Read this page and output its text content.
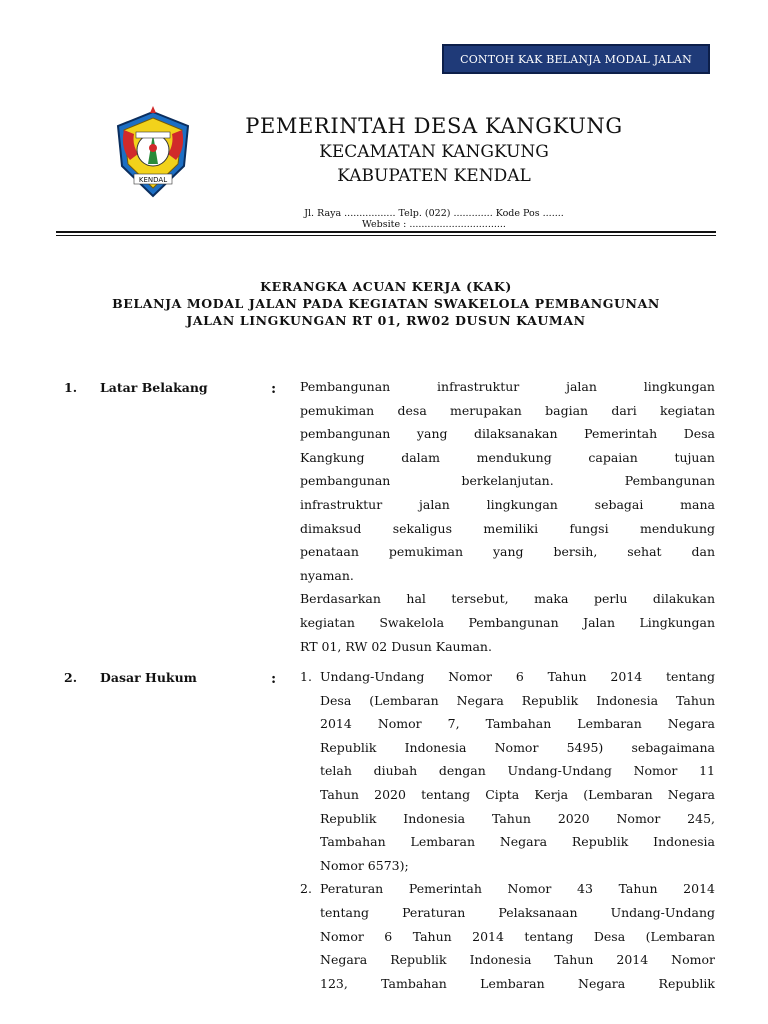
CONTOH KAK BELANJA MODAL JALAN
KENDAL
PEMERINTAH DESA KANGKUNG
KECAMATAN KANGKUNG
KABUPATEN KENDAL
Jl. Raya ................. Telp. (022) ............. Kode Pos .......
Website : ................................
KERANGKA ACUAN KERJA (KAK)
BELANJA MODAL JALAN PADA KEGIATAN SWAKELOLA PEMBANGUNAN
JALAN LINGKUNGAN RT 01, RW02 DUSUN KAUMAN
1. Latar Belakang	: Pembangunan infrastruktur jalan lingkungan
pemukiman desa merupakan bagian dari kegiatan
pembangunan yang dilaksanakan Pemerintah Desa
Kangkung dalam mendukung capaian tujuan
pembangunan berkelanjutan. Pembangunan
infrastruktur jalan lingkungan sebagai mana
dimaksud sekaligus memiliki fungsi mendukung
penataan pemukiman yang bersih, sehat dan
nyaman.
Berdasarkan hal tersebut, maka perlu dilakukan
kegiatan Swakelola Pembangunan Jalan Lingkungan
RT 01, RW 02 Dusun Kauman.
2. Dasar Hukum	: 1. Undang-Undang Nomor 6 Tahun 2014 tentang
Desa (Lembaran Negara Republik Indonesia Tahun
2014 Nomor 7, Tambahan Lembaran Negara
Republik Indonesia Nomor 5495) sebagaimana
telah diubah dengan Undang-Undang Nomor 11
Tahun 2020 tentang Cipta Kerja (Lembaran Negara
Republik Indonesia Tahun 2020 Nomor 245,
Tambahan Lembaran Negara Republik Indonesia
Nomor 6573);
2. Peraturan Pemerintah Nomor 43 Tahun 2014
tentang Peraturan Pelaksanaan Undang-Undang
Nomor 6 Tahun 2014 tentang Desa (Lembaran
Negara Republik Indonesia Tahun 2014 Nomor
123, Tambahan Lembaran Negara Republik
